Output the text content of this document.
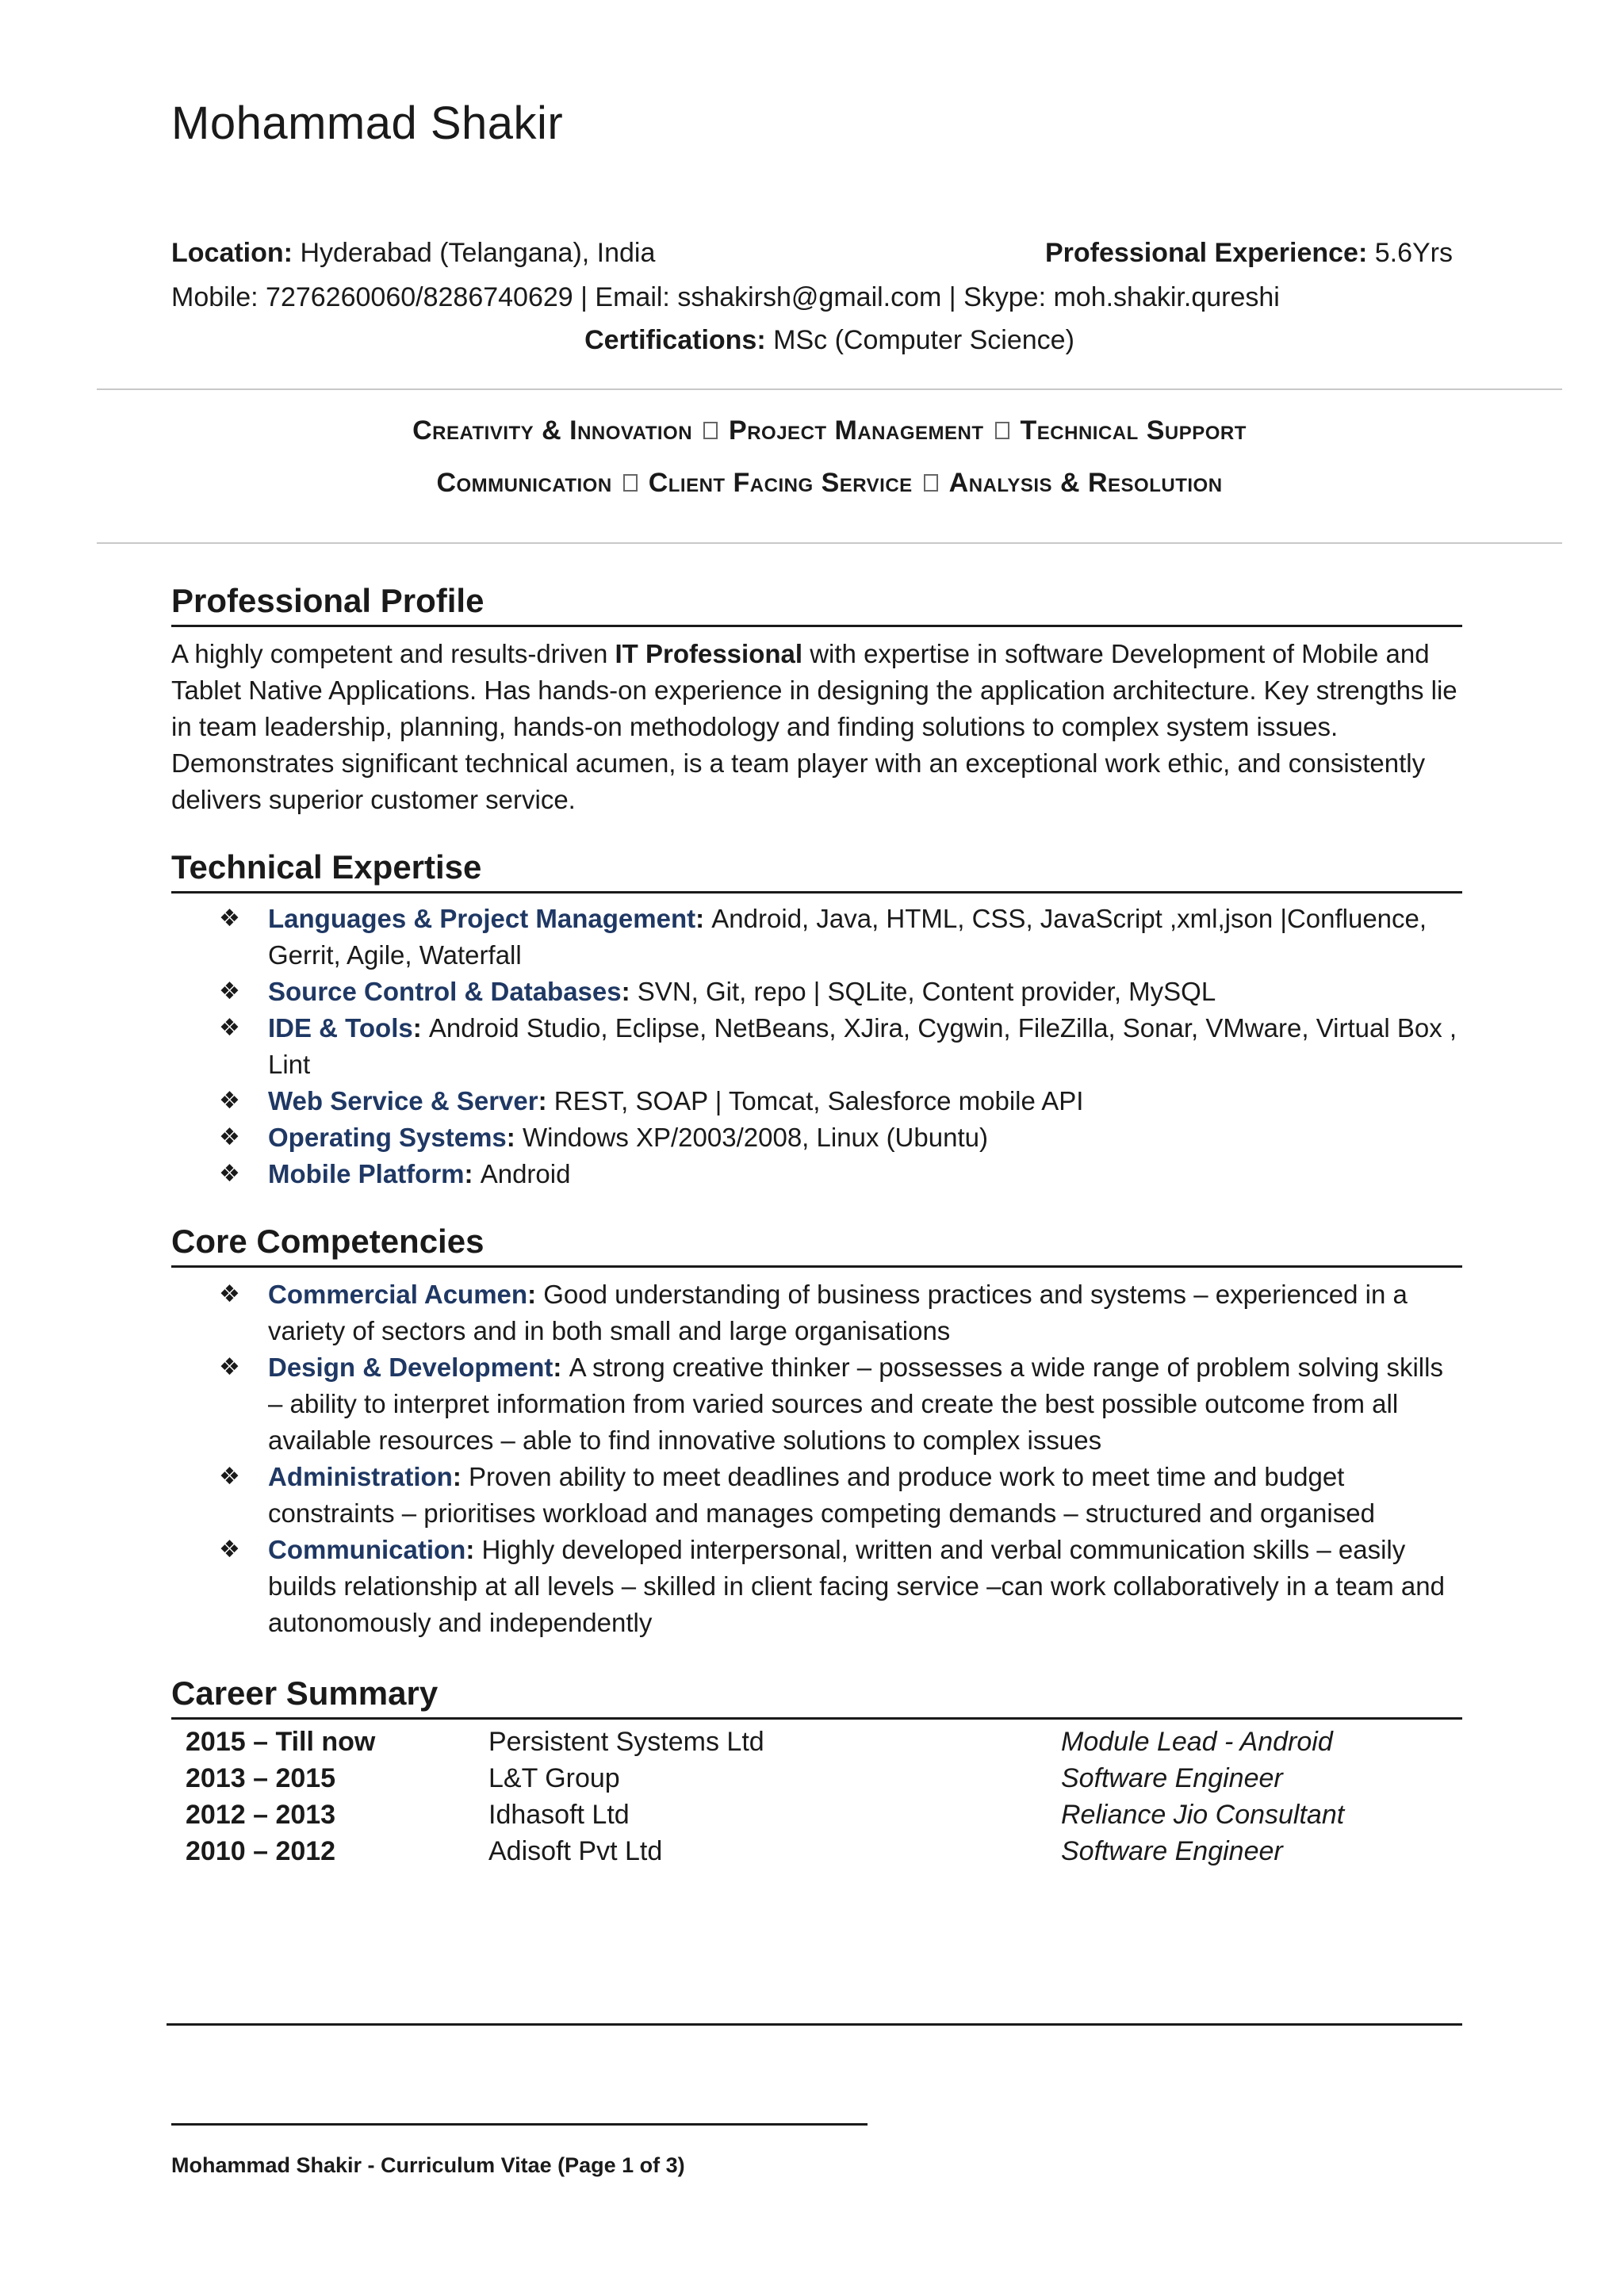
Mohammad Shakir
Location: Hyderabad (Telangana), India	Professional Experience: 5.6Yrs
Mobile: 7276260060/8286740629 | Email: sshakirsh@gmail.com | Skype: moh.shakir.qureshi
Certifications: MSc (Computer Science)
Creativity & Innovation Project Management Technical Support
Communication Client Facing Service Analysis & Resolution
Professional Profile
A highly competent and results-driven IT Professional with expertise in software Development of Mobile and Tablet Native Applications. Has hands-on experience in designing the application architecture. Key strengths lie in team leadership, planning, hands-on methodology and finding solutions to complex system issues. Demonstrates significant technical acumen, is a team player with an exceptional work ethic, and consistently delivers superior customer service.
Technical Expertise
❖ Languages & Project Management: Android, Java, HTML, CSS, JavaScript ,xml,json |Confluence, Gerrit, Agile, Waterfall
❖ Source Control & Databases: SVN, Git, repo | SQLite, Content provider, MySQL
❖ IDE & Tools: Android Studio, Eclipse, NetBeans, XJira, Cygwin, FileZilla, Sonar, VMware, Virtual Box , Lint
❖ Web Service & Server: REST, SOAP | Tomcat, Salesforce mobile API
❖ Operating Systems: Windows XP/2003/2008, Linux (Ubuntu)
❖ Mobile Platform: Android
Core Competencies
❖ Commercial Acumen: Good understanding of business practices and systems – experienced in a variety of sectors and in both small and large organisations
❖ Design & Development: A strong creative thinker – possesses a wide range of problem solving skills – ability to interpret information from varied sources and create the best possible outcome from all available resources – able to find innovative solutions to complex issues
❖ Administration: Proven ability to meet deadlines and produce work to meet time and budget constraints – prioritises workload and manages competing demands – structured and organised
❖ Communication: Highly developed interpersonal, written and verbal communication skills – easily builds relationship at all levels – skilled in client facing service –can work collaboratively in a team and autonomously and independently
Career Summary
2015 – Till now	Persistent Systems Ltd	Module Lead - Android
2013 – 2015	L&T Group	Software Engineer
2012 – 2013	Idhasoft Ltd	Reliance Jio Consultant
2010 – 2012	Adisoft Pvt Ltd	Software Engineer
Mohammad Shakir - Curriculum Vitae (Page 1 of 3)
